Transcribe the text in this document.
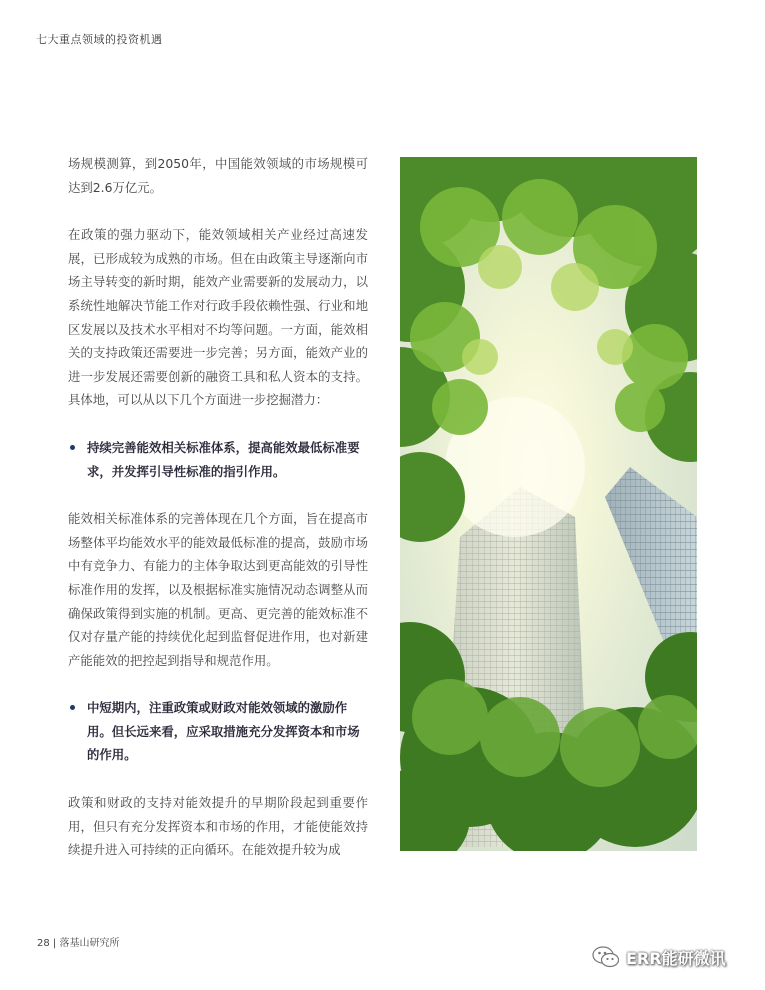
七大重点领域的投资机遇

场规模测算，到2050年，中国能效领域的市场规模可达到2.6万亿元。

在政策的强力驱动下，能效领域相关产业经过高速发展，已形成较为成熟的市场。但在由政策主导逐渐向市场主导转变的新时期，能效产业需要新的发展动力，以系统性地解决节能工作对行政手段依赖性强、行业和地区发展以及技术水平相对不均等问题。一方面，能效相关的支持政策还需要进一步完善；另方面，能效产业的进一步发展还需要创新的融资工具和私人资本的支持。具体地，可以从以下几个方面进一步挖掘潜力：

持续完善能效相关标准体系，提高能效最低标准要求，并发挥引导性标准的指引作用。

能效相关标准体系的完善体现在几个方面，旨在提高市场整体平均能效水平的能效最低标准的提高，鼓励市场中有竞争力、有能力的主体争取达到更高能效的引导性标准作用的发挥，以及根据标准实施情况动态调整从而确保政策得到实施的机制。更高、更完善的能效标准不仅对存量产能的持续优化起到监督促进作用，也对新建产能能效的把控起到指导和规范作用。

中短期内，注重政策或财政对能效领域的激励作用。但长远来看，应采取措施充分发挥资本和市场的作用。

政策和财政的支持对能效提升的早期阶段起到重要作用，但只有充分发挥资本和市场的作用，才能使能效持续提升进入可持续的正向循环。在能效提升较为成

28 | 落基山研究所
ERR能研微讯
